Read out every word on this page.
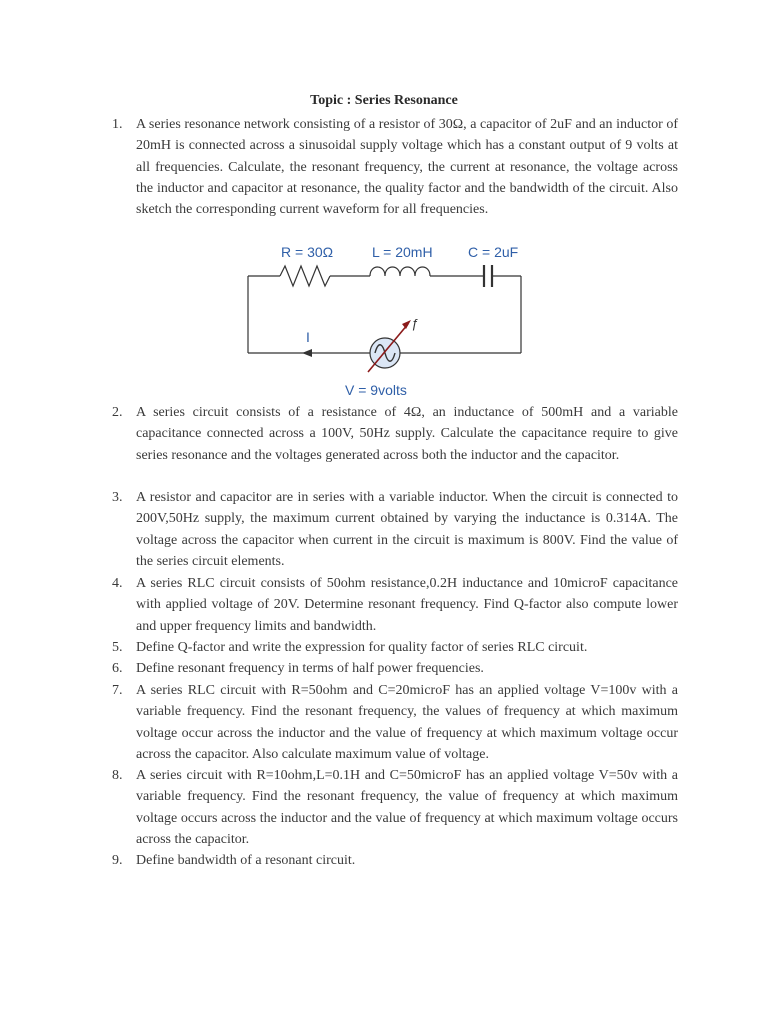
Topic : Series Resonance
1. A series resonance network consisting of a resistor of 30Ω, a capacitor of 2uF and an inductor of 20mH is connected across a sinusoidal supply voltage which has a constant output of 9 volts at all frequencies. Calculate, the resonant frequency, the current at resonance, the voltage across the inductor and capacitor at resonance, the quality factor and the bandwidth of the circuit. Also sketch the corresponding current waveform for all frequencies.
R = 30Ω	L = 20mH	C = 2uF
I
ƒ
V = 9volts
2. A series circuit consists of a resistance of 4Ω, an inductance of 500mH and a variable capacitance connected across a 100V, 50Hz supply. Calculate the capacitance require to give series resonance and the voltages generated across both the inductor and the capacitor.
3. A resistor and capacitor are in series with a variable inductor. When the circuit is connected to 200V,50Hz supply, the maximum current obtained by varying the inductance is 0.314A. The voltage across the capacitor when current in the circuit is maximum is 800V. Find the value of the series circuit elements.
4. A series RLC circuit consists of 50ohm resistance,0.2H inductance and 10microF capacitance with applied voltage of 20V. Determine resonant frequency. Find Q-factor also compute lower and upper frequency limits and bandwidth.
5. Define Q-factor and write the expression for quality factor of series RLC circuit.
6. Define resonant frequency in terms of half power frequencies.
7. A series RLC circuit with R=50ohm and C=20microF has an applied voltage V=100v with a variable frequency. Find the resonant frequency, the values of frequency at which maximum voltage occur across the inductor and the value of frequency at which maximum voltage occur across the capacitor. Also calculate maximum value of voltage.
8. A series circuit with R=10ohm,L=0.1H and C=50microF has an applied voltage V=50v with a variable frequency. Find the resonant frequency, the value of frequency at which maximum voltage occurs across the inductor and the value of frequency at which maximum voltage occurs across the capacitor.
9. Define bandwidth of a resonant circuit.
